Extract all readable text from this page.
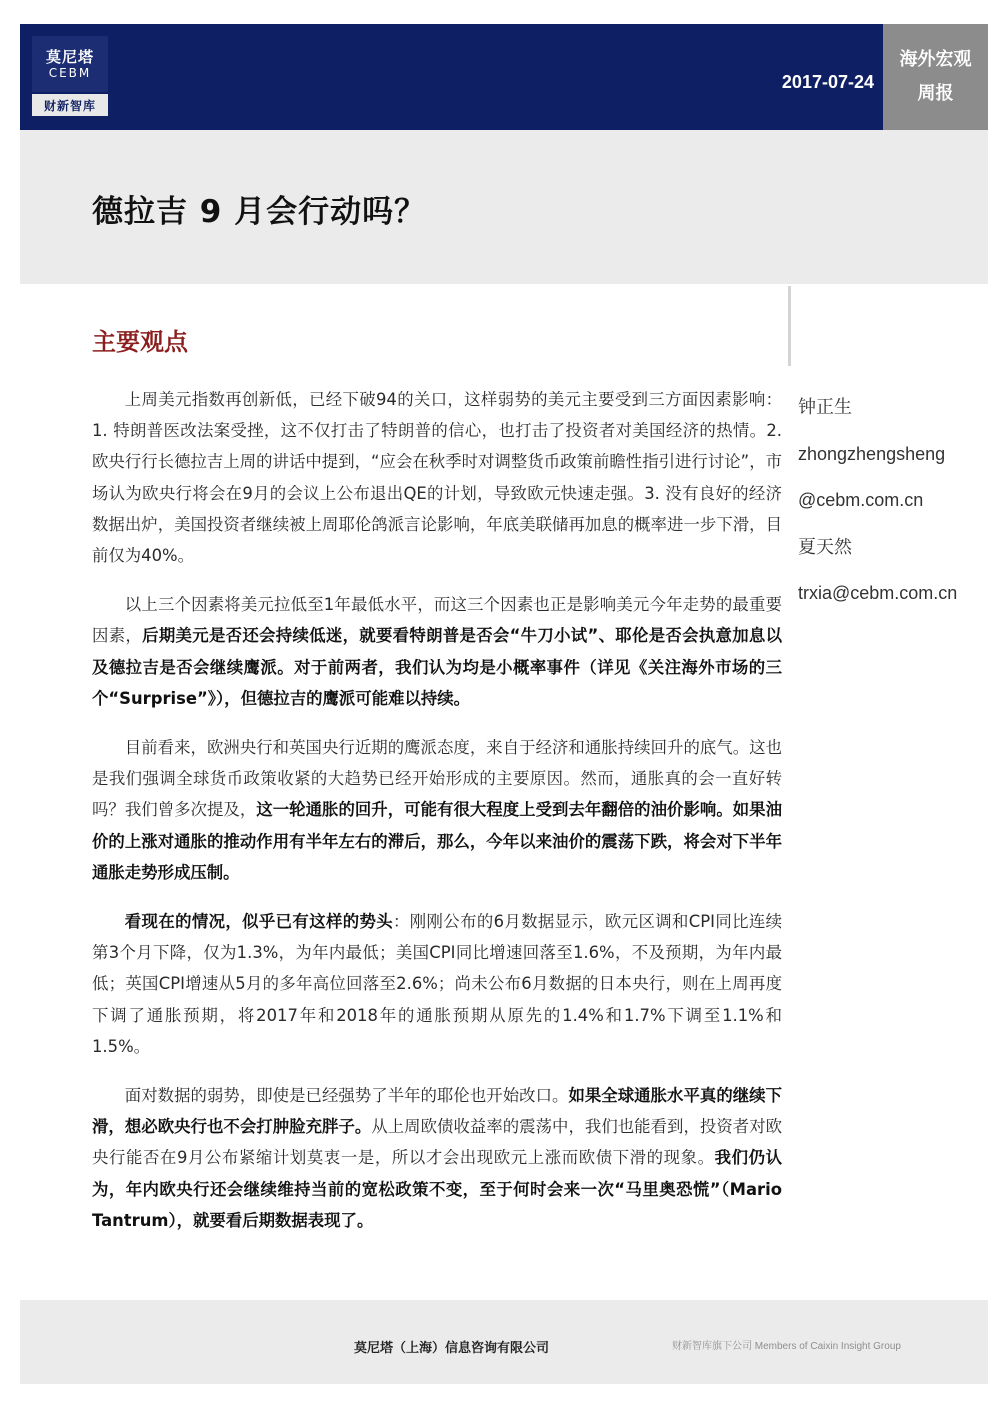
莫尼塔
CEBM
财新智库
2017-07-24
海外宏观
周报
德拉吉 9 月会行动吗？
主要观点

上周美元指数再创新低，已经下破94的关口，这样弱势的美元主要受到三方面因素影响：1. 特朗普医改法案受挫，这不仅打击了特朗普的信心，也打击了投资者对美国经济的热情。2. 欧央行行长德拉吉上周的讲话中提到，“应会在秋季时对调整货币政策前瞻性指引进行讨论”，市场认为欧央行将会在9月的会议上公布退出QE的计划，导致欧元快速走强。3. 没有良好的经济数据出炉，美国投资者继续被上周耶伦鸽派言论影响，年底美联储再加息的概率进一步下滑，目前仅为40%。

以上三个因素将美元拉低至1年最低水平，而这三个因素也正是影响美元今年走势的最重要因素，后期美元是否还会持续低迷，就要看特朗普是否会“牛刀小试”、耶伦是否会执意加息以及德拉吉是否会继续鹰派。对于前两者，我们认为均是小概率事件（详见《关注海外市场的三个“Surprise”》），但德拉吉的鹰派可能难以持续。

目前看来，欧洲央行和英国央行近期的鹰派态度，来自于经济和通胀持续回升的底气。这也是我们强调全球货币政策收紧的大趋势已经开始形成的主要原因。然而，通胀真的会一直好转吗？我们曾多次提及，这一轮通胀的回升，可能有很大程度上受到去年翻倍的油价影响。如果油价的上涨对通胀的推动作用有半年左右的滞后，那么，今年以来油价的震荡下跌，将会对下半年通胀走势形成压制。

看现在的情况，似乎已有这样的势头：刚刚公布的6月数据显示，欧元区调和CPI同比连续第3个月下降，仅为1.3%，为年内最低；美国CPI同比增速回落至1.6%，不及预期，为年内最低；英国CPI增速从5月的多年高位回落至2.6%；尚未公布6月数据的日本央行，则在上周再度下调了通胀预期，将2017年和2018年的通胀预期从原先的1.4%和1.7%下调至1.1%和1.5%。

面对数据的弱势，即使是已经强势了半年的耶伦也开始改口。如果全球通胀水平真的继续下滑，想必欧央行也不会打肿脸充胖子。从上周欧债收益率的震荡中，我们也能看到，投资者对欧央行能否在9月公布紧缩计划莫衷一是，所以才会出现欧元上涨而欧债下滑的现象。我们仍认为，年内欧央行还会继续维持当前的宽松政策不变，至于何时会来一次“马里奥恐慌”（Mario Tantrum），就要看后期数据表现了。

钟正生
zhongzhengsheng
@cebm.com.cn
夏天然
trxia@cebm.com.cn
莫尼塔（上海）信息咨询有限公司	财新智库旗下公司 Members of Caixin Insight Group
